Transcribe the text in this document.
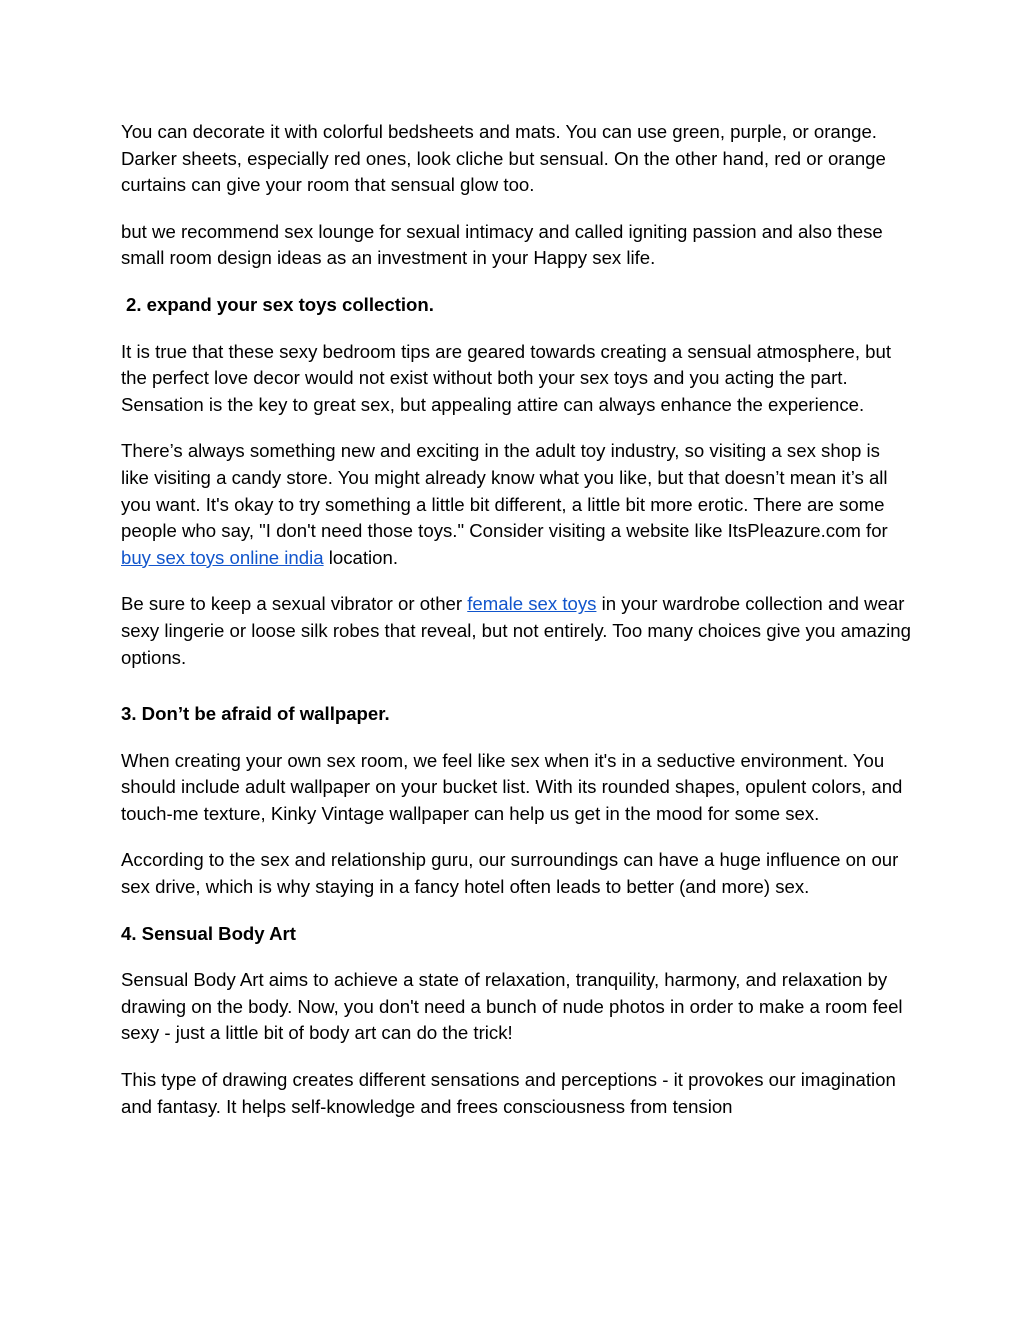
You can decorate it with colorful bedsheets and mats. You can use green, purple, or orange. Darker sheets, especially red ones, look cliche but sensual. On the other hand, red or orange curtains can give your room that sensual glow too.

but we recommend sex lounge for sexual intimacy and called igniting passion and also these small room design ideas as an investment in your Happy sex life.

2. expand your sex toys collection.

It is true that these sexy bedroom tips are geared towards creating a sensual atmosphere, but the perfect love decor would not exist without both your sex toys and you acting the part. Sensation is the key to great sex, but appealing attire can always enhance the experience.

There’s always something new and exciting in the adult toy industry, so visiting a sex shop is like visiting a candy store. You might already know what you like, but that doesn’t mean it’s all you want. It's okay to try something a little bit different, a little bit more erotic. There are some people who say, "I don't need those toys." Consider visiting a website like ItsPleazure.com for buy sex toys online india location.

Be sure to keep a sexual vibrator or other female sex toys in your wardrobe collection and wear sexy lingerie or loose silk robes that reveal, but not entirely. Too many choices give you amazing options.

3. Don’t be afraid of wallpaper.

When creating your own sex room, we feel like sex when it's in a seductive environment. You should include adult wallpaper on your bucket list. With its rounded shapes, opulent colors, and touch-me texture, Kinky Vintage wallpaper can help us get in the mood for some sex.

According to the sex and relationship guru, our surroundings can have a huge influence on our sex drive, which is why staying in a fancy hotel often leads to better (and more) sex.

4. Sensual Body Art

Sensual Body Art aims to achieve a state of relaxation, tranquility, harmony, and relaxation by drawing on the body. Now, you don't need a bunch of nude photos in order to make a room feel sexy - just a little bit of body art can do the trick!

This type of drawing creates different sensations and perceptions - it provokes our imagination and fantasy. It helps self-knowledge and frees consciousness from tension
